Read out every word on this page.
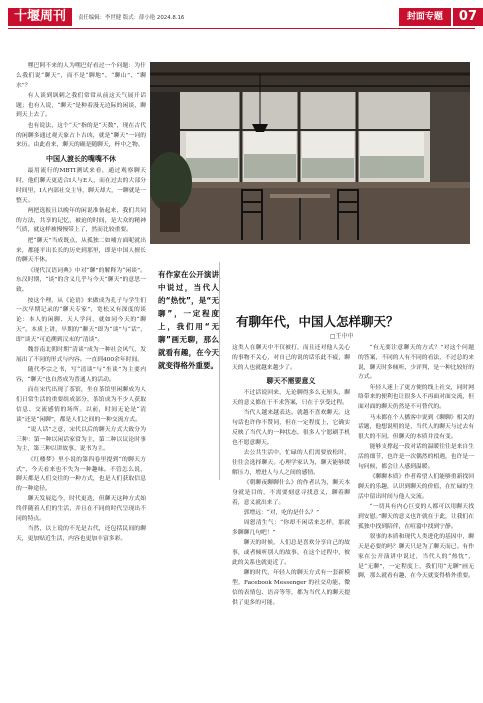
十堰周刊	责任编辑：李世健 版式：薛小艳 2024.8.16	封面专题	07

嘿巴阿不来的人为嘿巴好看过一个问题：为什么我们说“聊天”，而不是“聊地”、“聊山”、“聊水”？

有人谈到讽刺之我们常常从前这天气展开话题；也有人说，“聊天”是种着漫无边际的闲谈，聊到天上去了。

也有说法，这个“天”指的是“天数”，现在古代的闲聊多通过观天象占卜吉凶，就是“聊天”一词的来历。由此看来，聊天的确是随聊天，杯中之物。

中国人渡长的嘴嘴不休

最用流行的MBTI测试来看，通过观察聊天时，他们聊天更适合I人与E人，而在过去的大部分时间里，I人内部社交主导，聊天却大，一聊就是一整天。

两把选报且以晚年的闲说准备起来，我们共同的方法，共享的记忆，被迫的时间，是大众的精神气质，就这样被慢慢带上了，然而比较重要。

把“聊天”当成既点，从孤独二如哺方面呢就出来，都能平出长长的历史到那里，即是中国人擅长的聊天不休。

《现代汉语词典》中对“聊”的解释为“闲谈”。东汉时期，“谈”的含义几乎与今天“聊天”的意思一致。

按这个理，从《论语》来做成为孔子与学生们一次早期记录的“聊天专家”，宽松又有深度的谈论：本人的闲聊、天人学问，就如同今天的“聊天”。本质上讲，早期的“聊天”即为“谈”与“话”，即“谈天”可追溯到汉末的“清谈”。

魏晋南北朝时期“清谈”成为一种社会风气，发展出了不同的形式与内容。一直到400余年时间。

随代李宗之书，写“清谈”与“坐谈”为主要内容，“聊天”也自然成为普通人的活动。

而在宋代出现了茶馆，坐在茶馆里闲聊成为人们日常生活的重要组成部分，茶馆成为不少人获取信息、交流感情的场所。以前，时间无论是“清谈”还是“闲聊”，都是人们之间的一种交流方式。

“说人话”之意，宋代以后的聊天方式大致分为三种：第一种以闲话家常为主，第二种以议论时事为主，第三种以讲故事、说书为主。

《红楼梦》里小说的第四卷里提到“的聊天方式”，今天看来也不失为一种趣味。不管怎么说，聊天都是人们交往的一种方式，也是人们获取信息的一种途径。

聊天发展迄今，时代更迭，但聊天这种方式始终伴随着人们的生活，并且在不同的时代呈现出不同的特点。

当然，以上说的不光是古代，还包括民间的聊天，更加贴近生活，内容也更加丰富多彩。

有作家在公开演讲中说过，当代人的“热忱”，是“无聊”，一定程度上，我们用“无聊”画无聊，那么就看有趣，在今天就变得格外重要。
有聊年代，中国人怎样聊天？
□王中中

这类人在聊天中不仅被打，而且还对他人关心的事物不关心，对自己的说的话乐此不疲，聊天的人也就越来越少了。

聊天不需要意义

不过话说回来，无论聊得多么无厘头，聊天的意义都在于不求答案，只在于享受过程。

当代人越来越表达。就越不喜欢聊天。这句话也许你不赞同，但在一定程度上，它确实反映了当代人的一种状态，很多人宁愿刷手机也不愿意聊天。

去公共生活中，忙碌的人们需要放松时，往往会选择聊天。心理学家认为，聊天能够缓解压力，增进人与人之间的感情。

《朝聊夜聊聊什么》的作者认为，聊天本身就是目的，不需要刻意寻找意义，聊着聊着，意义就出来了。

郭增远：“对，吃的是什么？”

周恕清生气：“你却不闲话来怎样，那就多聊聊几句吧！”

聊天的时候，人们总是喜欢分享自己的故事，或者倾听别人的故事，在这个过程中，彼此的关系也就更近了。

聊的时代，年轻人的聊天方式有一套新模型，Facebook Messenger 的社交功能、微信的表情包、语音等等，都为当代人的聊天提供了更多的可能。

“有无要注意聊天的方式？”对这个问题的答案，不同的人有不同的看法，不过总的来说，聊天时多倾听、少评判，是一种比较好的方式。

年轻人迷上了更方便的线上社交，同时网络带来的便利也让很多人不再面对面交流，但面对面的聊天仍然是不可替代的。

马未都在个人播客中说到《聊聊》相关的话题，他想说明的是，当代人的聊天与过去有很大的不同，但聊天的本质并没有变。

能够支撑起一段对话的温暖往往是来自生活的细节，也许是一次偶然的相遇，也许是一句问候，都会让人感到温暖。

《聊聊本质》作者希望人们能够重新找回聊天的乐趣，认识到聊天的价值，在忙碌的生活中留出时间与他人交流。

“一切具有内心巨变的人都可以用聊天找到安慰。”聊天的意义也许就在于此，让我们在孤独中找到陪伴，在喧嚣中找到宁静。

叙事的本质和现代人类进化的基因中，聊天是必要的吗？聊天只是为了聊天而已。有作家在公开演讲中说过，当代人的“热忱”，是“无聊”，一定程度上，我们用“无聊”画无聊，那么就看有趣，在今天就变得格外重要。
